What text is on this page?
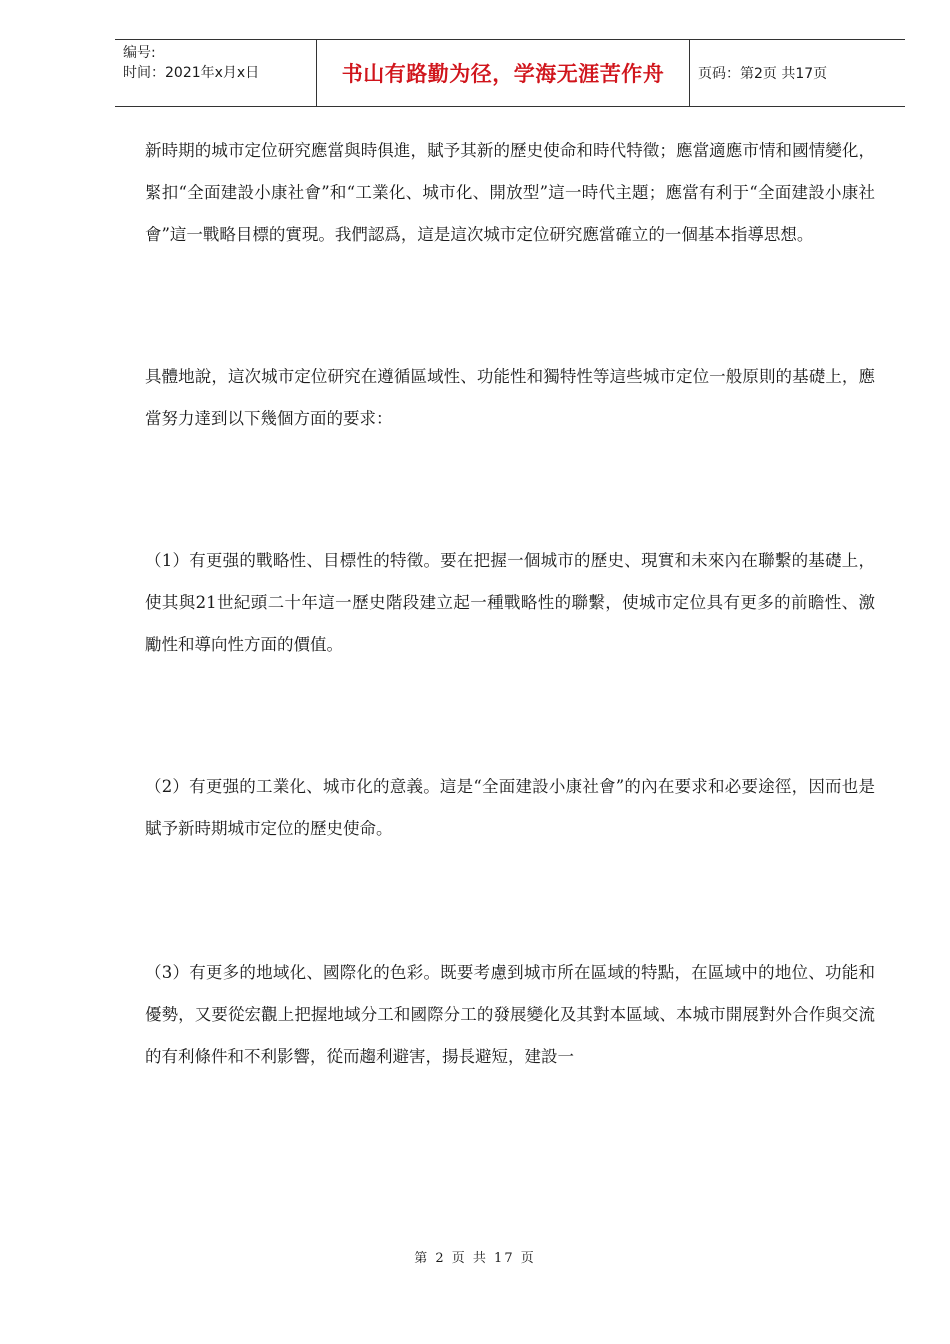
编号:
时间：2021年x月x日	书山有路勤为径，学海无涯苦作舟 页码：第2页 共17页

新時期的城市定位研究應當與時俱進，賦予其新的歷史使命和時代特徵；應當適應市情和國情變化，緊扣“全面建設小康社會”和“工業化、城市化、開放型”這一時代主題；應當有利于“全面建設小康社會”這一戰略目標的實現。我們認爲，這是這次城市定位研究應當確立的一個基本指導思想。

具體地說，這次城市定位研究在遵循區域性、功能性和獨特性等這些城市定位一般原則的基礎上，應當努力達到以下幾個方面的要求：

（1）有更强的戰略性、目標性的特徵。要在把握一個城市的歷史、現實和未來內在聯繫的基礎上，使其與21世紀頭二十年這一歷史階段建立起一種戰略性的聯繫，使城市定位具有更多的前瞻性、激勵性和導向性方面的價值。

（2）有更强的工業化、城市化的意義。這是“全面建設小康社會”的內在要求和必要途徑，因而也是賦予新時期城市定位的歷史使命。

（3）有更多的地域化、國際化的色彩。既要考慮到城市所在區域的特點，在區域中的地位、功能和優勢，又要從宏觀上把握地域分工和國際分工的發展變化及其對本區域、本城市開展對外合作與交流的有利條件和不利影響，從而趨利避害，揚長避短，建設一

第 2 页 共 17 页
